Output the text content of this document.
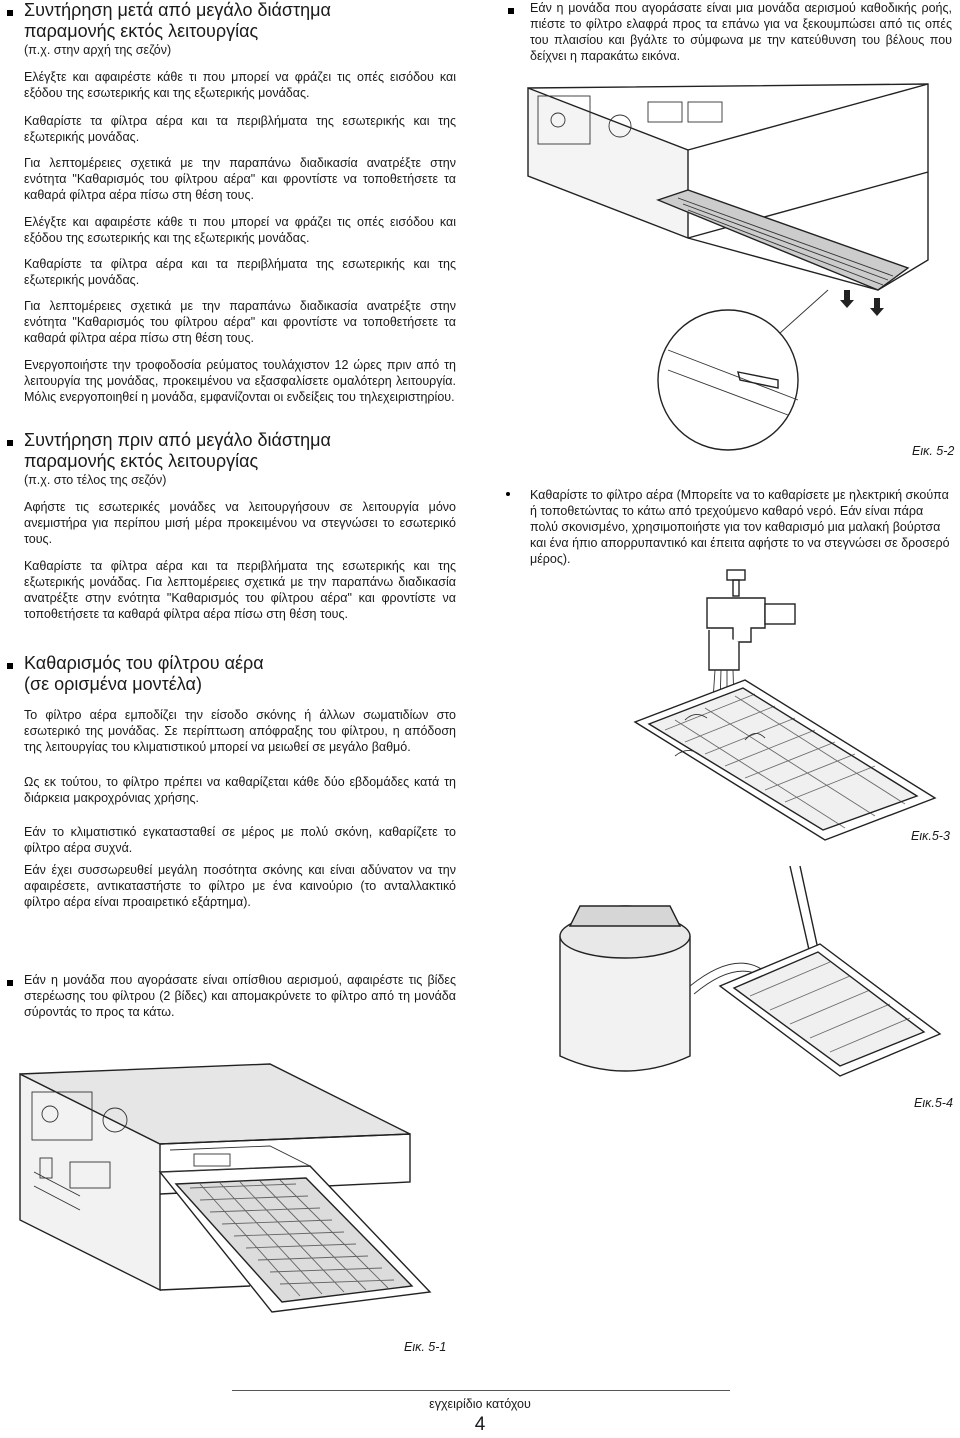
Συντήρηση μετά από μεγάλο διάστημα
παραμονής εκτός λειτουργίας

(π.χ. στην αρχή της σεζόν)

Ελέγξτε και αφαιρέστε κάθε τι που μπορεί να φράζει τις οπές εισόδου και εξόδου της εσωτερικής και της εξωτερικής μονάδας.

Καθαρίστε τα φίλτρα αέρα και τα περιβλήματα της εσωτερικής και της εξωτερικής μονάδας.

Για λεπτομέρειες σχετικά με την παραπάνω διαδικασία ανατρέξτε στην ενότητα "Καθαρισμός του φίλτρου αέρα" και φροντίστε να τοποθετήσετε τα καθαρά φίλτρα αέρα πίσω στη θέση τους.

Ελέγξτε και αφαιρέστε κάθε τι που μπορεί να φράζει τις οπές εισόδου και εξόδου της εσωτερικής και της εξωτερικής μονάδας.

Καθαρίστε τα φίλτρα αέρα και τα περιβλήματα της εσωτερικής και της εξωτερικής μονάδας.

Για λεπτομέρειες σχετικά με την παραπάνω διαδικασία ανατρέξτε στην ενότητα "Καθαρισμός του φίλτρου αέρα" και φροντίστε να τοποθετήσετε τα καθαρά φίλτρα αέρα πίσω στη θέση τους.

Ενεργοποιήστε την τροφοδοσία ρεύματος τουλάχιστον 12 ώρες πριν από τη λειτουργία της μονάδας, προκειμένου να εξασφαλίσετε ομαλότερη λειτουργία. Μόλις ενεργοποιηθεί η μονάδα, εμφανίζονται οι ενδείξεις του τηλεχειριστηρίου.

Συντήρηση πριν από μεγάλο διάστημα
παραμονής εκτός λειτουργίας

(π.χ. στο τέλος της σεζόν)

Αφήστε τις εσωτερικές μονάδες να λειτουργήσουν σε λειτουργία μόνο ανεμιστήρα για περίπου μισή μέρα προκειμένου να στεγνώσει το εσωτερικό τους.

Καθαρίστε τα φίλτρα αέρα και τα περιβλήματα της εσωτερικής και της εξωτερικής μονάδας. Για λεπτομέρειες σχετικά με την παραπάνω διαδικασία ανατρέξτε στην ενότητα "Καθαρισμός του φίλτρου αέρα" και φροντίστε να τοποθετήσετε τα καθαρά φίλτρα αέρα πίσω στη θέση τους.

Καθαρισμός του φίλτρου αέρα
(σε ορισμένα μοντέλα)

Το φίλτρο αέρα εμποδίζει την είσοδο σκόνης ή άλλων σωματιδίων στο εσωτερικό της μονάδας. Σε περίπτωση απόφραξης του φίλτρου, η απόδοση της λειτουργίας του κλιματιστικού μπορεί να μειωθεί σε μεγάλο βαθμό.

Ως εκ τούτου, το φίλτρο πρέπει να καθαρίζεται κάθε δύο εβδομάδες κατά τη διάρκεια μακροχρόνιας χρήσης.

Εάν το κλιματιστικό εγκατασταθεί σε μέρος με πολύ σκόνη, καθαρίζετε το φίλτρο αέρα συχνά.

Εάν έχει συσσωρευθεί μεγάλη ποσότητα σκόνης και είναι αδύνατον να την αφαιρέσετε, αντικαταστήστε το φίλτρο με ένα καινούριο (το ανταλλακτικό φίλτρο αέρα είναι προαιρετικό εξάρτημα).

Εάν η μονάδα που αγοράσατε είναι οπίσθιου αερισμού, αφαιρέστε τις βίδες στερέωσης του φίλτρου (2 βίδες) και απομακρύνετε το φίλτρο από τη μονάδα σύροντάς το προς τα κάτω.

Εικ. 5-1

Εάν η μονάδα που αγοράσατε είναι μια μονάδα αερισμού καθοδικής ροής, πιέστε το φίλτρο ελαφρά προς τα επάνω για να ξεκουμπώσει από τις οπές του πλαισίου και βγάλτε το σύμφωνα με την κατεύθυνση του βέλους που δείχνει η παρακάτω εικόνα.

Εικ. 5-2

Καθαρίστε το φίλτρο αέρα (Μπορείτε να το καθαρίσετε με ηλεκτρική σκούπα ή τοποθετώντας το κάτω από τρεχούμενο καθαρό νερό. Εάν είναι πάρα πολύ σκονισμένο, χρησιμοποιήστε για τον καθαρισμό μια μαλακή βούρτσα και ένα ήπιο απορρυπαντικό και έπειτα αφήστε το να στεγνώσει σε δροσερό μέρος).

Εικ.5-3
Εικ.5-4
εγχειρίδιο κατόχου
4
